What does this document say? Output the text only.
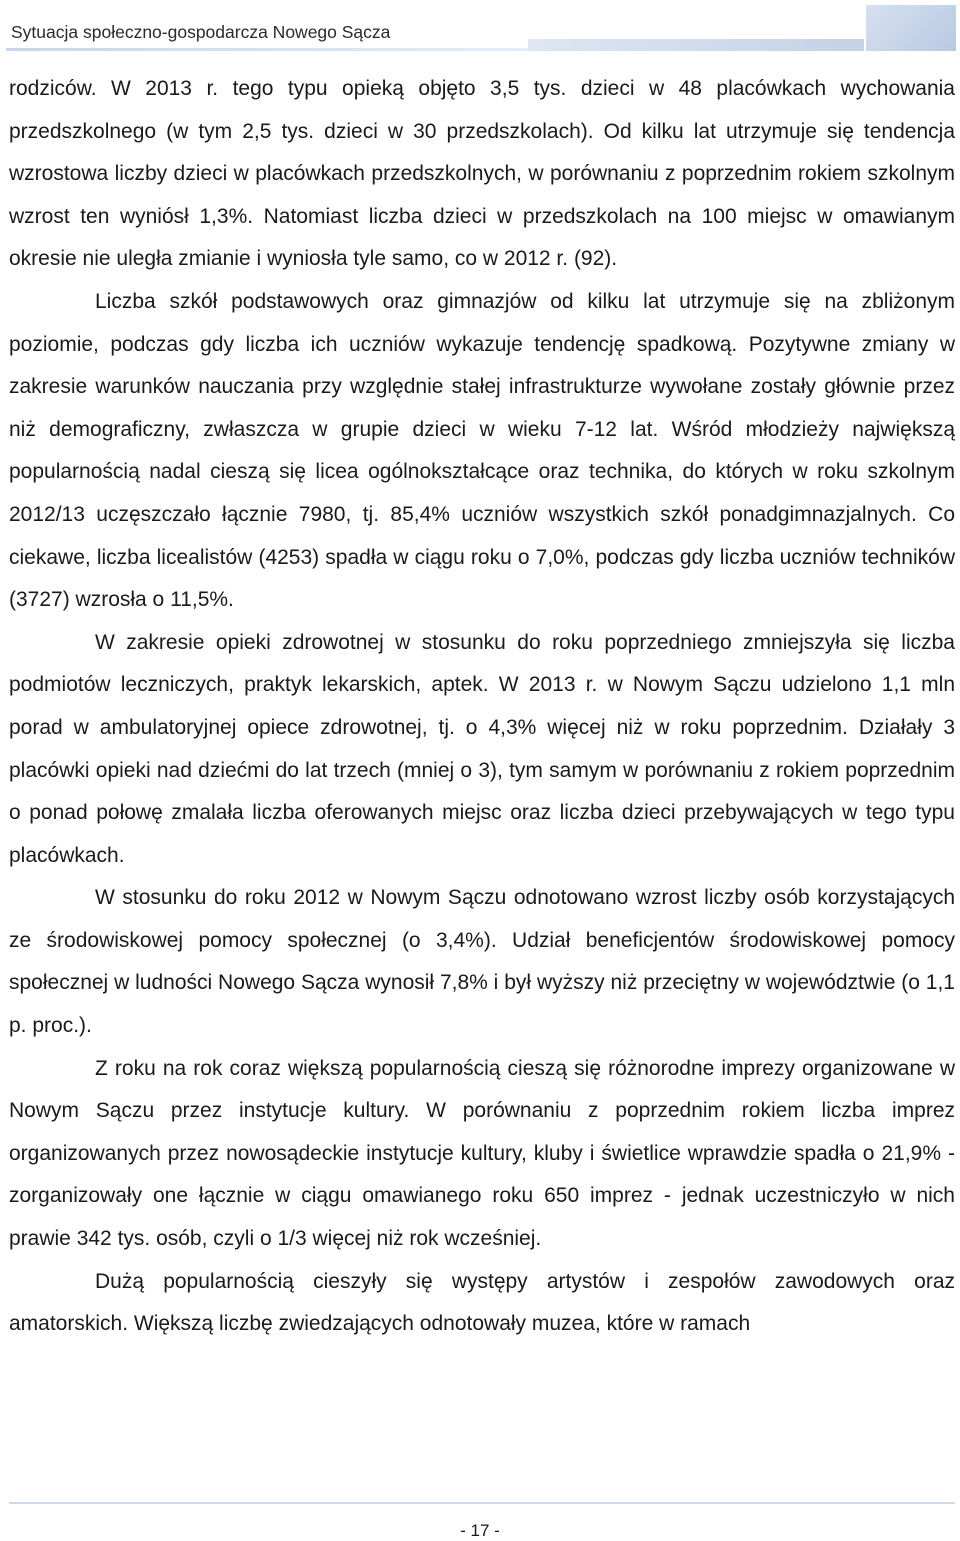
Sytuacja społeczno-gospodarcza Nowego Sącza

rodziców. W 2013 r. tego typu opieką objęto 3,5 tys. dzieci w 48 placówkach wychowania przedszkolnego (w tym 2,5 tys. dzieci w 30 przedszkolach). Od kilku lat utrzymuje się tendencja wzrostowa liczby dzieci w placówkach przedszkolnych, w porównaniu z poprzednim rokiem szkolnym wzrost ten wyniósł 1,3%. Natomiast liczba dzieci w przedszkolach na 100 miejsc w omawianym okresie nie uległa zmianie i wyniosła tyle samo, co w 2012 r. (92).

Liczba szkół podstawowych oraz gimnazjów od kilku lat utrzymuje się na zbliżonym poziomie, podczas gdy liczba ich uczniów wykazuje tendencję spadkową. Pozytywne zmiany w zakresie warunków nauczania przy względnie stałej infrastrukturze wywołane zostały głównie przez niż demograficzny, zwłaszcza w grupie dzieci w wieku 7-12 lat. Wśród młodzieży największą popularnością nadal cieszą się licea ogólnokształcące oraz technika, do których w roku szkolnym 2012/13 uczęszczało łącznie 7980, tj. 85,4% uczniów wszystkich szkół ponadgimnazjalnych. Co ciekawe, liczba licealistów (4253) spadła w ciągu roku o 7,0%, podczas gdy liczba uczniów techników (3727) wzrosła o 11,5%.

W zakresie opieki zdrowotnej w stosunku do roku poprzedniego zmniejszyła się liczba podmiotów leczniczych, praktyk lekarskich, aptek. W 2013 r. w Nowym Sączu udzielono 1,1 mln porad w ambulatoryjnej opiece zdrowotnej, tj. o 4,3% więcej niż w roku poprzednim. Działały 3 placówki opieki nad dziećmi do lat trzech (mniej o 3), tym samym w porównaniu z rokiem poprzednim o ponad połowę zmalała liczba oferowanych miejsc oraz liczba dzieci przebywających w tego typu placówkach.

W stosunku do roku 2012 w Nowym Sączu odnotowano wzrost liczby osób korzystających ze środowiskowej pomocy społecznej (o 3,4%). Udział beneficjentów środowiskowej pomocy społecznej w ludności Nowego Sącza wynosił 7,8% i był wyższy niż przeciętny w województwie (o 1,1 p. proc.).

Z roku na rok coraz większą popularnością cieszą się różnorodne imprezy organizowane w Nowym Sączu przez instytucje kultury. W porównaniu z poprzednim rokiem liczba imprez organizowanych przez nowosądeckie instytucje kultury, kluby i świetlice wprawdzie spadła o 21,9% - zorganizowały one łącznie w ciągu omawianego roku 650 imprez - jednak uczestniczyło w nich prawie 342 tys. osób, czyli o 1/3 więcej niż rok wcześniej.

Dużą popularnością cieszyły się występy artystów i zespołów zawodowych oraz amatorskich. Większą liczbę zwiedzających odnotowały muzea, które w ramach

- 17 -
